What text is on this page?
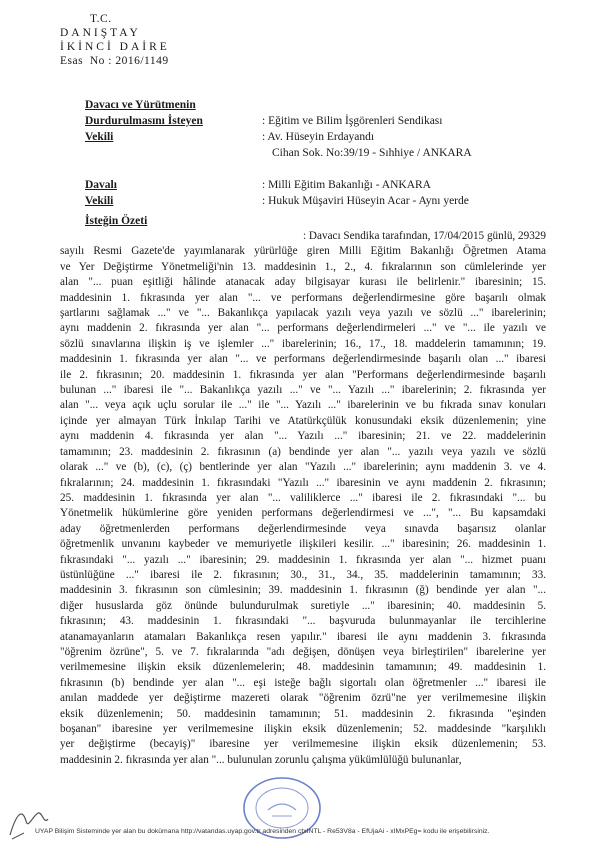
T.C.
DANIŞTAY
İKİNCİ DAİRE
Esas No : 2016/1149
Davacı ve Yürütmenin
Durdurulmasını İsteyen	: Eğitim ve Bilim İşgörenleri Sendikası
Vekili	: Av. Hüseyin Erdayandı
Cihan Sok. No:39/19 - Sıhhiye / ANKARA
Davalı	: Milli Eğitim Bakanlığı - ANKARA
Vekili	: Hukuk Müşaviri Hüseyin Acar - Aynı yerde
İsteğin Özeti

: Davacı Sendika tarafından, 17/04/2015 günlü, 29329

sayılı Resmi Gazete'de yayımlanarak yürürlüğe giren Milli Eğitim Bakanlığı Öğretmen Atama

ve Yer Değiştirme Yönetmeliği'nin 13. maddesinin 1., 2., 4. fıkralarının son cümlelerinde yer

alan "... puan eşitliği hâlinde atanacak aday bilgisayar kurası ile belirlenir." ibaresinin; 15.

maddesinin 1. fıkrasında yer alan "... ve performans değerlendirmesine göre başarılı olmak

şartlarını sağlamak ..." ve "... Bakanlıkça yapılacak yazılı veya yazılı ve sözlü ..." ibarelerinin;

aynı maddenin 2. fıkrasında yer alan "... performans değerlendirmeleri ..." ve "... ile yazılı ve

sözlü sınavlarına ilişkin iş ve işlemler ..." ibarelerinin; 16., 17., 18. maddelerin tamamının; 19.

maddesinin 1. fıkrasında yer alan "... ve performans değerlendirmesinde başarılı olan ..." ibaresi

ile 2. fıkrasının; 20. maddesinin 1. fıkrasında yer alan "Performans değerlendirmesinde başarılı

bulunan ..." ibaresi ile "... Bakanlıkça yazılı ..." ve "... Yazılı ..." ibarelerinin; 2. fıkrasında yer

alan "... veya açık uçlu sorular ile ..." ile "... Yazılı ..." ibarelerinin ve bu fıkrada sınav konuları

içinde yer almayan Türk İnkılap Tarihi ve Atatürkçülük konusundaki eksik düzenlemenin; yine

aynı maddenin 4. fıkrasında yer alan "... Yazılı ..." ibaresinin; 21. ve 22. maddelerinin

tamamının; 23. maddesinin 2. fıkrasının (a) bendinde yer alan "... yazılı veya yazılı ve sözlü

olarak ..." ve (b), (c), (ç) bentlerinde yer alan "Yazılı ..." ibarelerinin; aynı maddenin 3. ve 4.

fıkralarının; 24. maddesinin 1. fıkrasındaki "Yazılı ..." ibaresinin ve aynı maddenin 2. fıkrasının;

25. maddesinin 1. fıkrasında yer alan "... valiliklerce ..." ibaresi ile 2. fıkrasındaki "... bu

Yönetmelik hükümlerine göre yeniden performans değerlendirmesi ve ...", "... Bu kapsamdaki

aday öğretmenlerden performans değerlendirmesinde veya sınavda başarısız olanlar

öğretmenlik unvanını kaybeder ve memuriyetle ilişkileri kesilir. ..." ibaresinin; 26. maddesinin 1.

fıkrasındaki "... yazılı ..." ibaresinin; 29. maddesinin 1. fıkrasında yer alan "... hizmet puanı

üstünlüğüne ..." ibaresi ile 2. fıkrasının; 30., 31., 34., 35. maddelerinin tamamının; 33.

maddesinin 3. fıkrasının son cümlesinin; 39. maddesinin 1. fıkrasının (ğ) bendinde yer alan "...

diğer hususlarda göz önünde bulundurulmak suretiyle ..." ibaresinin; 40. maddesinin 5.

fıkrasının; 43. maddesinin 1. fıkrasındaki "... başvuruda bulunmayanlar ile tercihlerine

atanamayanların atamaları Bakanlıkça resen yapılır." ibaresi ile aynı maddenin 3. fıkrasında

"öğrenim özrüne", 5. ve 7. fıkralarında "adı değişen, dönüşen veya birleştirilen" ibarelerine yer

verilmemesine ilişkin eksik düzenlemelerin; 48. maddesinin tamamının; 49. maddesinin 1.

fıkrasının (b) bendinde yer alan "... eşi isteğe bağlı sigortalı olan öğretmenler ..." ibaresi ile

anılan maddede yer değiştirme mazereti olarak "öğrenim özrü"ne yer verilmemesine ilişkin

eksik düzenlemenin; 50. maddesinin tamamının; 51. maddesinin 2. fıkrasında "eşinden

boşanan" ibaresine yer verilmemesine ilişkin eksik düzenlemenin; 52. maddesinde "karşılıklı

yer değiştirme (becayiş)" ibaresine yer verilmemesine ilişkin eksik düzenlemenin; 53.

maddesinin 2. fıkrasında yer alan "... bulunulan zorunlu çalışma yükümlülüğü bulunanlar,

UYAP Bilişim Sisteminde yer alan bu dokümana http://vatandas.uyap.gov.tr adresinden ctxINTL - Re53V8a - EfUjaAi - xIMxPEg= kodu ile erişebilirsiniz.
